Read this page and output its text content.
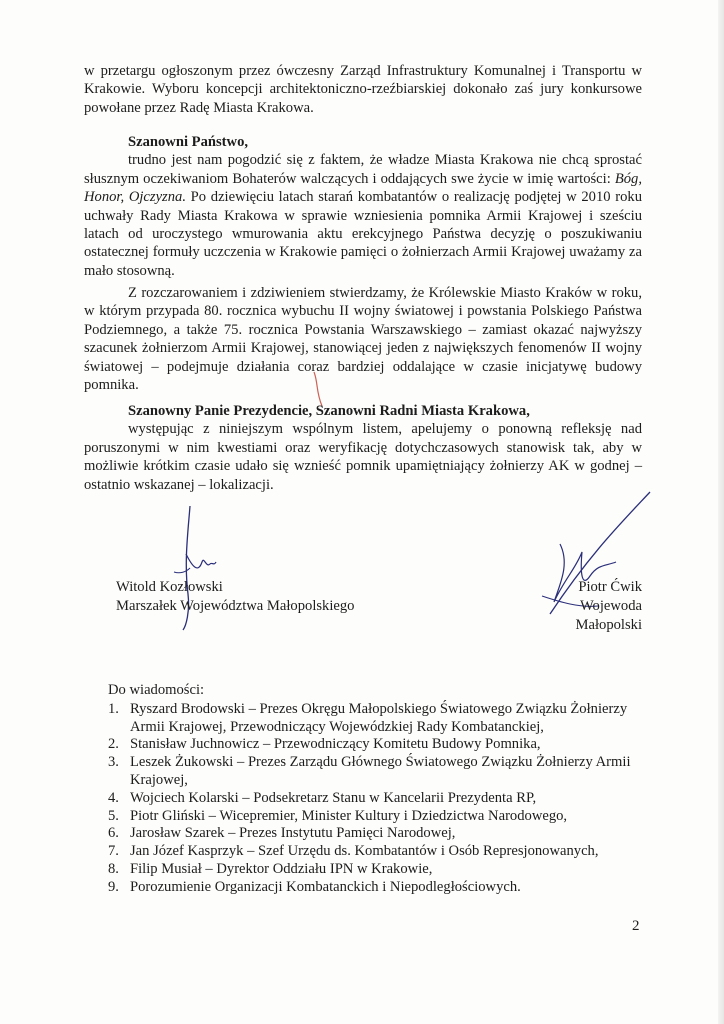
w przetargu ogłoszonym przez ówczesny Zarząd Infrastruktury Komunalnej i Transportu w Krakowie. Wyboru koncepcji architektoniczno-rzeźbiarskiej dokonało zaś jury konkursowe powołane przez Radę Miasta Krakowa.

Szanowni Państwo,

trudno jest nam pogodzić się z faktem, że władze Miasta Krakowa nie chcą sprostać słusznym oczekiwaniom Bohaterów walczących i oddających swe życie w imię wartości: Bóg, Honor, Ojczyzna. Po dziewięciu latach starań kombatantów o realizację podjętej w 2010 roku uchwały Rady Miasta Krakowa w sprawie wzniesienia pomnika Armii Krajowej i sześciu latach od uroczystego wmurowania aktu erekcyjnego Państwa decyzję o poszukiwaniu ostatecznej formuły uczczenia w Krakowie pamięci o żołnierzach Armii Krajowej uważamy za mało stosowną.

Z rozczarowaniem i zdziwieniem stwierdzamy, że Królewskie Miasto Kraków w roku, w którym przypada 80. rocznica wybuchu II wojny światowej i powstania Polskiego Państwa Podziemnego, a także 75. rocznica Powstania Warszawskiego – zamiast okazać najwyższy szacunek żołnierzom Armii Krajowej, stanowiącej jeden z największych fenomenów II wojny światowej – podejmuje działania coraz bardziej oddalające w czasie inicjatywę budowy pomnika.

Szanowny Panie Prezydencie, Szanowni Radni Miasta Krakowa,

występując z niniejszym wspólnym listem, apelujemy o ponowną refleksję nad poruszonymi w nim kwestiami oraz weryfikację dotychczasowych stanowisk tak, aby w możliwie krótkim czasie udało się wznieść pomnik upamiętniający żołnierzy AK w godnej – ostatnio wskazanej – lokalizacji.

Witold Kozłowski
Marszałek Województwa Małopolskiego
Piotr Ćwik
Wojewoda Małopolski

Do wiadomości:

1. Ryszard Brodowski – Prezes Okręgu Małopolskiego Światowego Związku Żołnierzy Armii Krajowej, Przewodniczący Wojewódzkiej Rady Kombatanckiej,
2. Stanisław Juchnowicz – Przewodniczący Komitetu Budowy Pomnika,
3. Leszek Żukowski – Prezes Zarządu Głównego Światowego Związku Żołnierzy Armii Krajowej,
4. Wojciech Kolarski – Podsekretarz Stanu w Kancelarii Prezydenta RP,
5. Piotr Gliński – Wicepremier, Minister Kultury i Dziedzictwa Narodowego,
6. Jarosław Szarek – Prezes Instytutu Pamięci Narodowej,
7. Jan Józef Kasprzyk – Szef Urzędu ds. Kombatantów i Osób Represjonowanych,
8. Filip Musiał – Dyrektor Oddziału IPN w Krakowie,
9. Porozumienie Organizacji Kombatanckich i Niepodległościowych.
2
